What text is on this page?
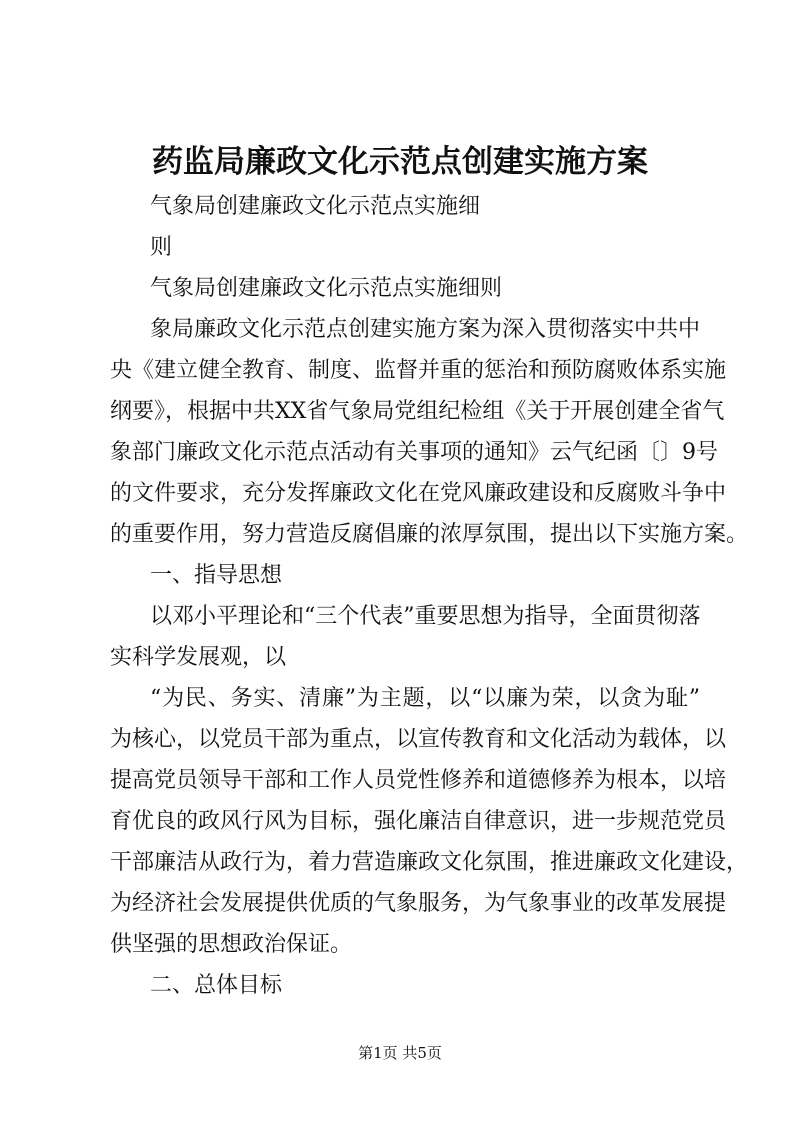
药监局廉政文化示范点创建实施方案

气象局创建廉政文化示范点实施细

则

气象局创建廉政文化示范点实施细则

象局廉政文化示范点创建实施方案为深入贯彻落实中共中

央《建立健全教育、制度、监督并重的惩治和预防腐败体系实施

纲要》，根据中共XX省气象局党组纪检组《关于开展创建全省气

象部门廉政文化示范点活动有关事项的通知》云气纪函〔〕9号

的文件要求，充分发挥廉政文化在党风廉政建设和反腐败斗争中

的重要作用，努力营造反腐倡廉的浓厚氛围，提出以下实施方案。

一、指导思想

以邓小平理论和“三个代表”重要思想为指导，全面贯彻落

实科学发展观，以

“为民、务实、清廉”为主题，以“以廉为荣，以贪为耻”

为核心，以党员干部为重点，以宣传教育和文化活动为载体，以

提高党员领导干部和工作人员党性修养和道德修养为根本，以培

育优良的政风行风为目标，强化廉洁自律意识，进一步规范党员

干部廉洁从政行为，着力营造廉政文化氛围，推进廉政文化建设，

为经济社会发展提供优质的气象服务，为气象事业的改革发展提

供坚强的思想政治保证。

二、总体目标

第1页 共5页
